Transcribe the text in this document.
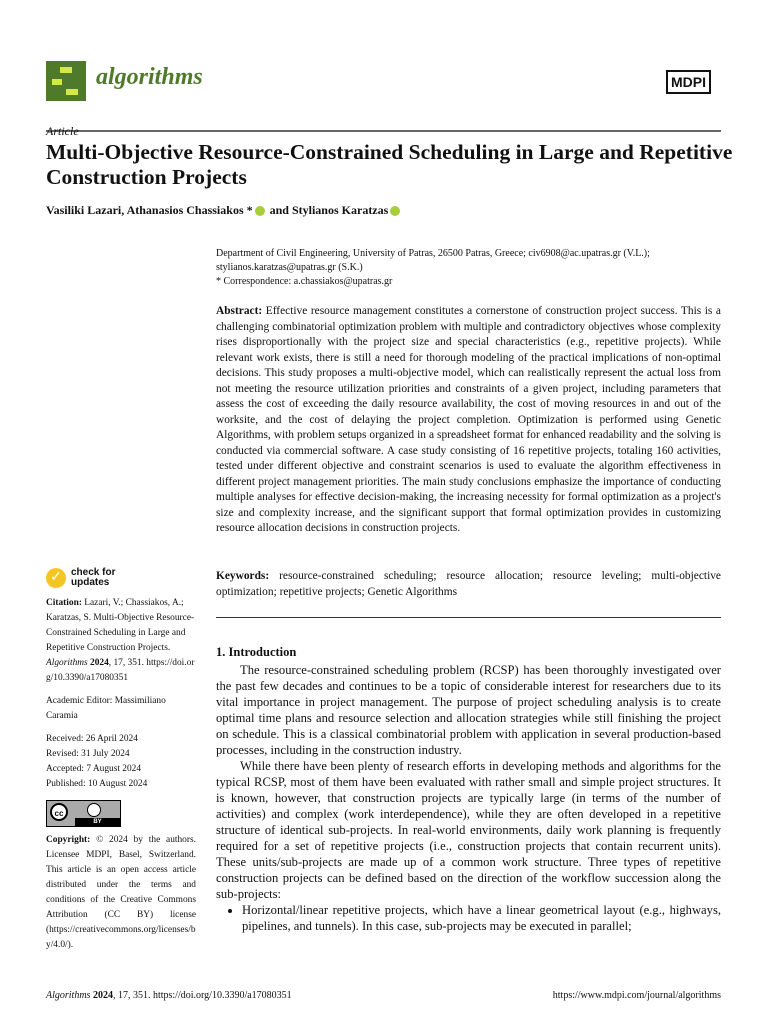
algorithms	MDPI
Article
Multi-Objective Resource-Constrained Scheduling in Large and Repetitive Construction Projects
Vasiliki Lazari, Athanasios Chassiakos * and Stylianos Karatzas
Department of Civil Engineering, University of Patras, 26500 Patras, Greece; civ6908@ac.upatras.gr (V.L.); stylianos.karatzas@upatras.gr (S.K.)
* Correspondence: a.chassiakos@upatras.gr
Abstract: Effective resource management constitutes a cornerstone of construction project success. This is a challenging combinatorial optimization problem with multiple and contradictory objectives whose complexity rises disproportionally with the project size and special characteristics (e.g., repetitive projects). While relevant work exists, there is still a need for thorough modeling of the practical implications of non-optimal decisions. This study proposes a multi-objective model, which can realistically represent the actual loss from not meeting the resource utilization priorities and constraints of a given project, including parameters that assess the cost of exceeding the daily resource availability, the cost of moving resources in and out of the worksite, and the cost of delaying the project completion. Optimization is performed using Genetic Algorithms, with problem setups organized in a spreadsheet format for enhanced readability and the solving is conducted via commercial software. A case study consisting of 16 repetitive projects, totaling 160 activities, tested under different objective and constraint scenarios is used to evaluate the algorithm effectiveness in different project management priorities. The main study conclusions emphasize the importance of conducting multiple analyses for effective decision-making, the increasing necessity for formal optimization as a project's size and complexity increase, and the significant support that formal optimization provides in customizing resource allocation decisions in construction projects.
Keywords: resource-constrained scheduling; resource allocation; resource leveling; multi-objective optimization; repetitive projects; Genetic Algorithms
1. Introduction

The resource-constrained scheduling problem (RCSP) has been thoroughly investigated over the past few decades and continues to be a topic of considerable interest for researchers due to its vital importance in project management. The purpose of project scheduling analysis is to create optimal time plans and resource selection and allocation strategies while still finishing the project on schedule. This is a classical combinatorial problem with application in several production-based processes, including in the construction industry.

While there have been plenty of research efforts in developing methods and algorithms for the typical RCSP, most of them have been evaluated with rather small and simple project structures. It is known, however, that construction projects are typically large (in terms of the number of activities) and complex (work interdependence), while they are often developed in a repetitive structure of identical sub-projects. In real-world environments, daily work planning is frequently required for a set of repetitive projects (i.e., construction projects that contain recurrent units). These units/sub-projects are made up of a common work structure. Three types of repetitive construction projects can be defined based on the direction of the workflow succession along the sub-projects:

• Horizontal/linear repetitive projects, which have a linear geometrical layout (e.g., highways, pipelines, and tunnels). In this case, sub-projects may be executed in parallel;
✓ check for updates

Citation: Lazari, V.; Chassiakos, A.; Karatzas, S. Multi-Objective Resource-Constrained Scheduling in Large and Repetitive Construction Projects. Algorithms 2024, 17, 351. https://doi.org/10.3390/a17080351

Academic Editor: Massimiliano Caramia

Received: 26 April 2024

Revised: 31 July 2024

Accepted: 7 August 2024

Published: 10 August 2024

cc
BY

Copyright: © 2024 by the authors. Licensee MDPI, Basel, Switzerland. This article is an open access article distributed under the terms and conditions of the Creative Commons Attribution (CC BY) license (https://creativecommons.org/licenses/by/4.0/).

Algorithms 2024, 17, 351. https://doi.org/10.3390/a17080351	https://www.mdpi.com/journal/algorithms
